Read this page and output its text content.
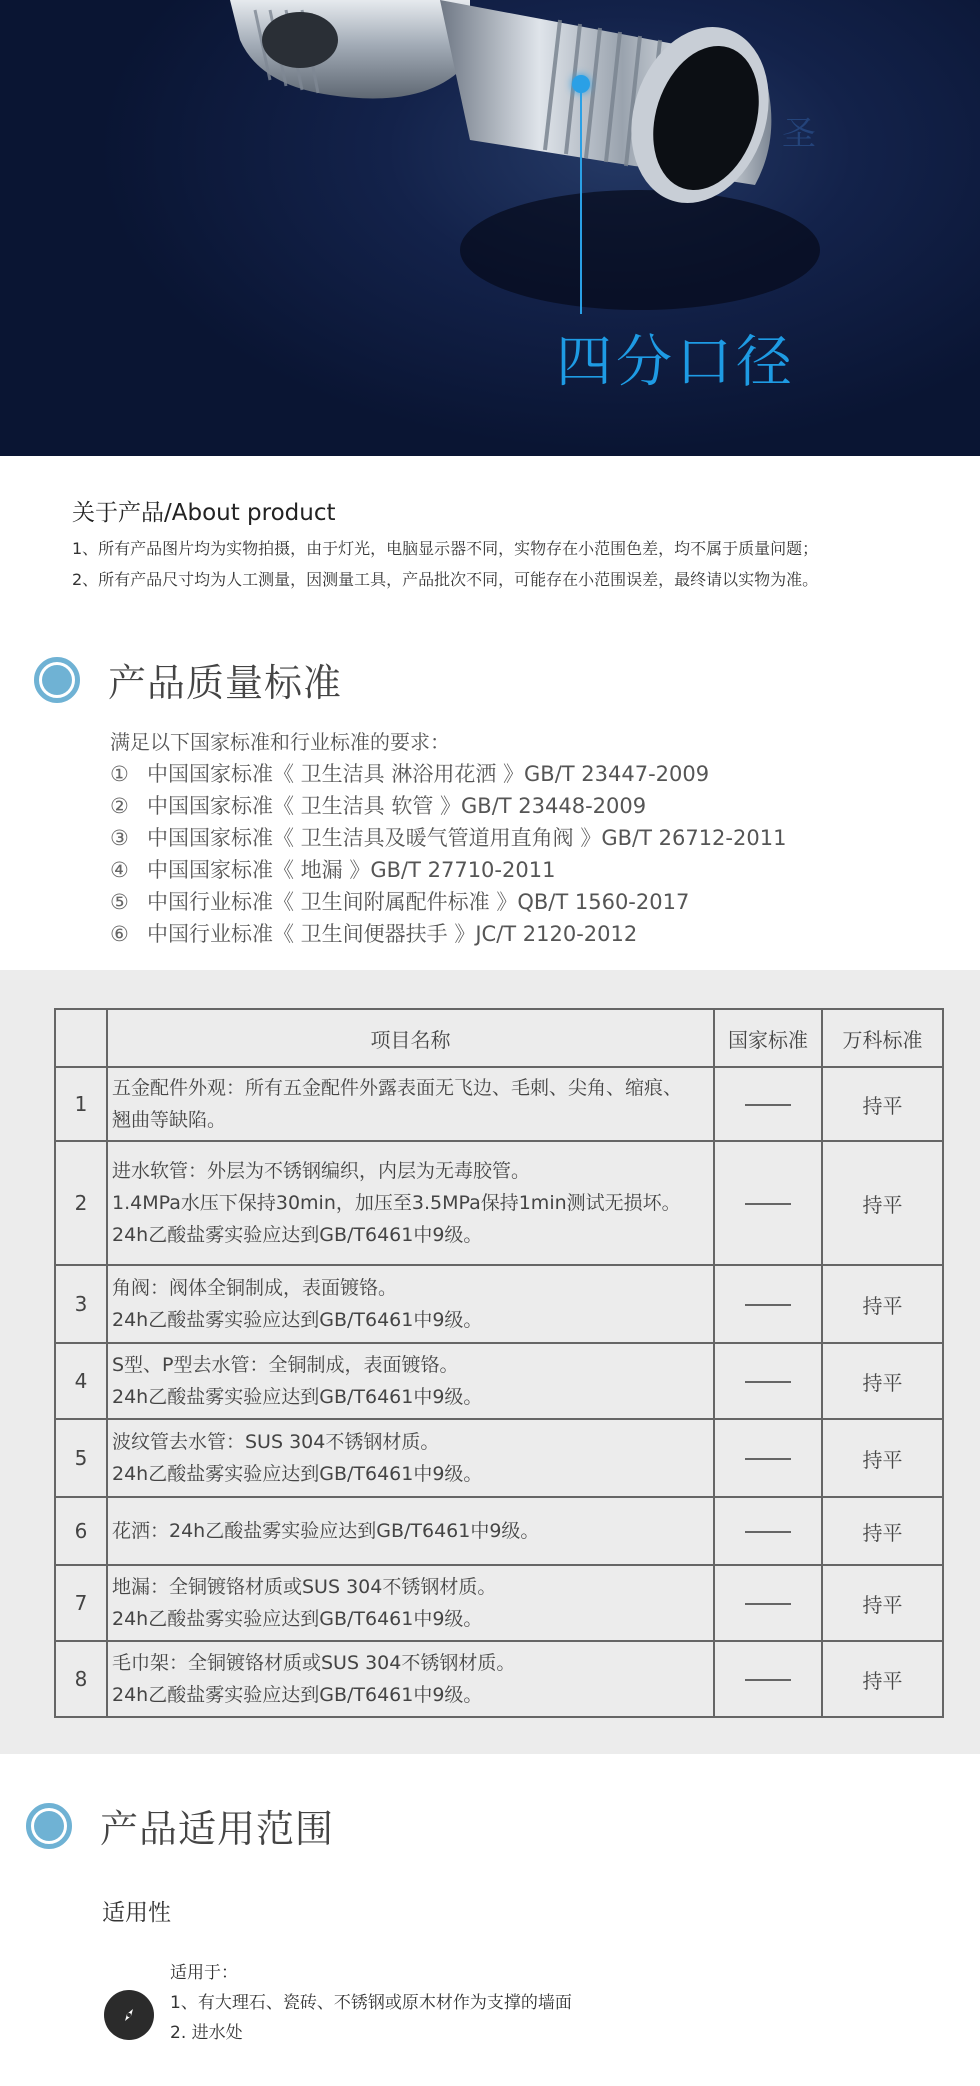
圣
四分口径
关于产品/About product
1、所有产品图片均为实物拍摄，由于灯光，电脑显示器不同，实物存在小范围色差，均不属于质量问题；
2、所有产品尺寸均为人工测量，因测量工具，产品批次不同，可能存在小范围误差，最终请以实物为准。
产品质量标准
满足以下国家标准和行业标准的要求：
① 中国国家标准《 卫生洁具 淋浴用花洒 》GB/T 23447-2009
② 中国国家标准《 卫生洁具 软管 》GB/T 23448-2009
③ 中国国家标准《 卫生洁具及暖气管道用直角阀 》GB/T 26712-2011
④ 中国国家标准《 地漏 》GB/T 27710-2011
⑤ 中国行业标准《 卫生间附属配件标准 》QB/T 1560-2017
⑥ 中国行业标准《 卫生间便器扶手 》JC/T 2120-2012
	项目名称	国家标准	万科标准
1	五金配件外观：所有五金配件外露表面无飞边、毛刺、尖角、缩痕、
翘曲等缺陷。		持平
2	进水软管：外层为不锈钢编织，内层为无毒胶管。
1.4MPa水压下保持30min，加压至3.5MPa保持1min测试无损坏。
24h乙酸盐雾实验应达到GB/T6461中9级。		持平
3	角阀：阀体全铜制成，表面镀铬。
24h乙酸盐雾实验应达到GB/T6461中9级。		持平
4	S型、P型去水管：全铜制成，表面镀铬。
24h乙酸盐雾实验应达到GB/T6461中9级。		持平
5	波纹管去水管：SUS 304不锈钢材质。
24h乙酸盐雾实验应达到GB/T6461中9级。		持平
6	花洒：24h乙酸盐雾实验应达到GB/T6461中9级。		持平
7	地漏：全铜镀铬材质或SUS 304不锈钢材质。
24h乙酸盐雾实验应达到GB/T6461中9级。		持平
8	毛巾架：全铜镀铬材质或SUS 304不锈钢材质。
24h乙酸盐雾实验应达到GB/T6461中9级。		持平
产品适用范围
适用性
适用于：
1、有大理石、瓷砖、不锈钢或原木材作为支撑的墙面
2. 进水处
